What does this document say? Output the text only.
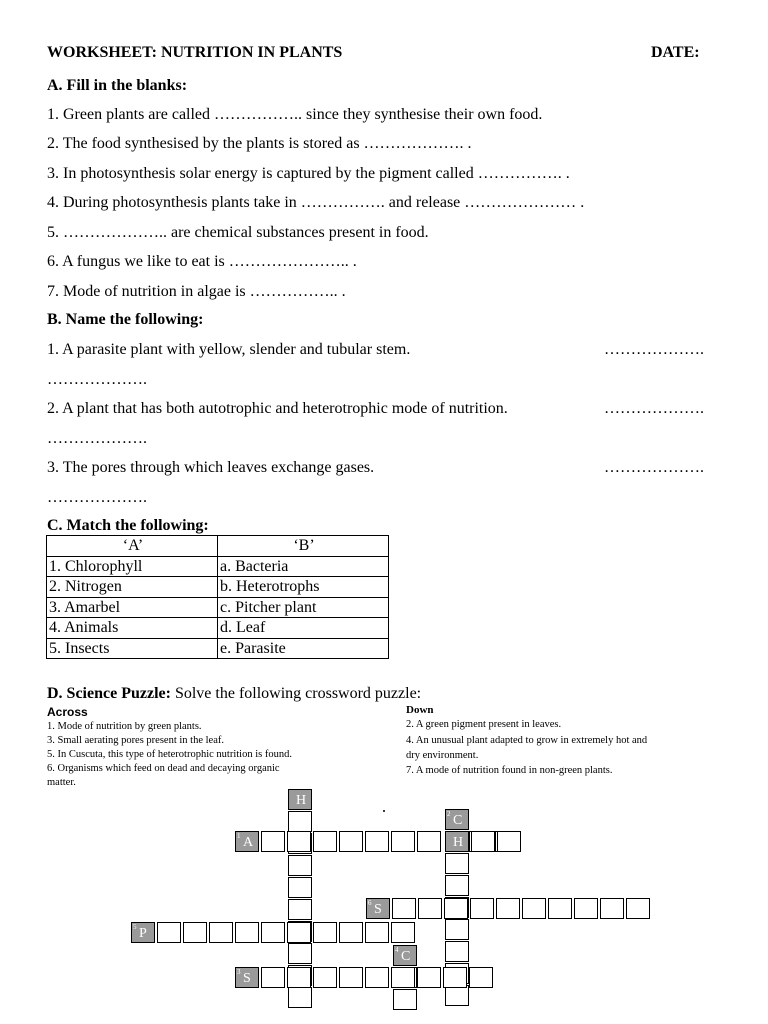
WORKSHEET: NUTRITION IN PLANTS	DATE:
A. Fill in the blanks:
1. Green plants are called …………….. since they synthesise their own food.
2. The food synthesised by the plants is stored as ………………. .
3. In photosynthesis solar energy is captured by the pigment called ……………. .
4. During photosynthesis plants take in ……………. and release ………………… .
5. ……………….. are chemical substances present in food.
6. A fungus we like to eat is ………………….. .
7. Mode of nutrition in algae is …………….. .
B. Name the following:
1. A parasite plant with yellow, slender and tubular stem.	……………….
……………….
2. A plant that has both autotrophic and heterotrophic mode of nutrition.	……………….
……………….
3. The pores through which leaves exchange gases.	……………….
……………….
C. Match the following:
‘A’	‘B’
1. Chlorophyll	a. Bacteria
2. Nitrogen	b. Heterotrophs
3. Amarbel	c. Pitcher plant
4. Animals	d. Leaf
5. Insects	e. Parasite
D. Science Puzzle: Solve the following crossword puzzle:
Across
1. Mode of nutrition by green plants.
3. Small aerating pores present in the leaf.
5. In Cuscuta, this type of heterotrophic nutrition is found.
6. Organisms which feed on dead and decaying organic
matter.
Down
2. A green pigment present in leaves.
4. An unusual plant adapted to grow in extremely hot and
dry environment.
7. A mode of nutrition found in non-green plants.
H
2 C
H
1 A
6 S
5 P
4 C
3 S
